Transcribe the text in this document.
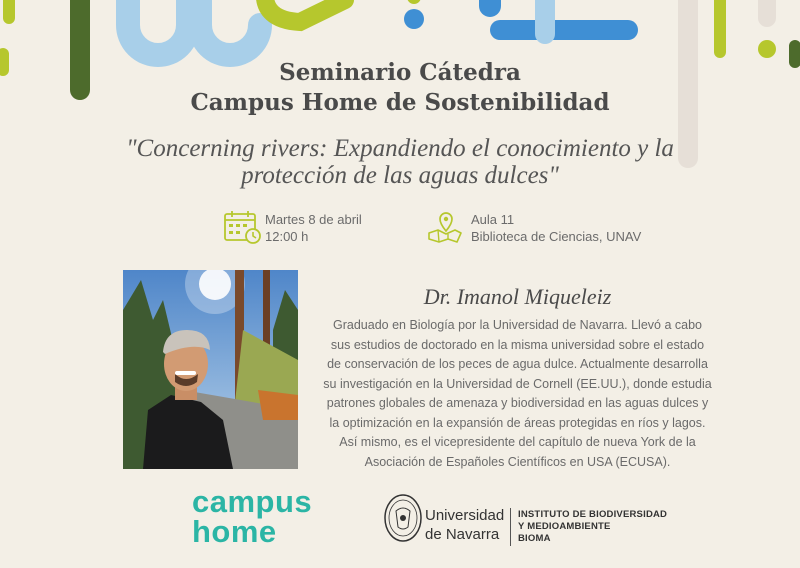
Seminario Cátedra
Campus Home de Sostenibilidad
"Concerning rivers: Expandiendo el conocimiento y la
protección de las aguas dulces"
Martes 8 de abril
12:00 h
Aula 11
Biblioteca de Ciencias, UNAV
Dr. Imanol Miqueleiz
Graduado en Biología por la Universidad de Navarra. Llevó a cabo
sus estudios de doctorado en la misma universidad sobre el estado
de conservación de los peces de agua dulce. Actualmente desarrolla
su investigación en la Universidad de Cornell (EE.UU.), donde estudia
patrones globales de amenaza y biodiversidad en las aguas dulces y
la optimización en la expansión de áreas protegidas en ríos y lagos.
Así mismo, es el vicepresidente del capítulo de nueva York de la
Asociación de Españoles Científicos en USA (ECUSA).
campus
home	Universidad
de Navarra
INSTITUTO DE BIODIVERSIDAD
Y MEDIOAMBIENTE
BIOMA
